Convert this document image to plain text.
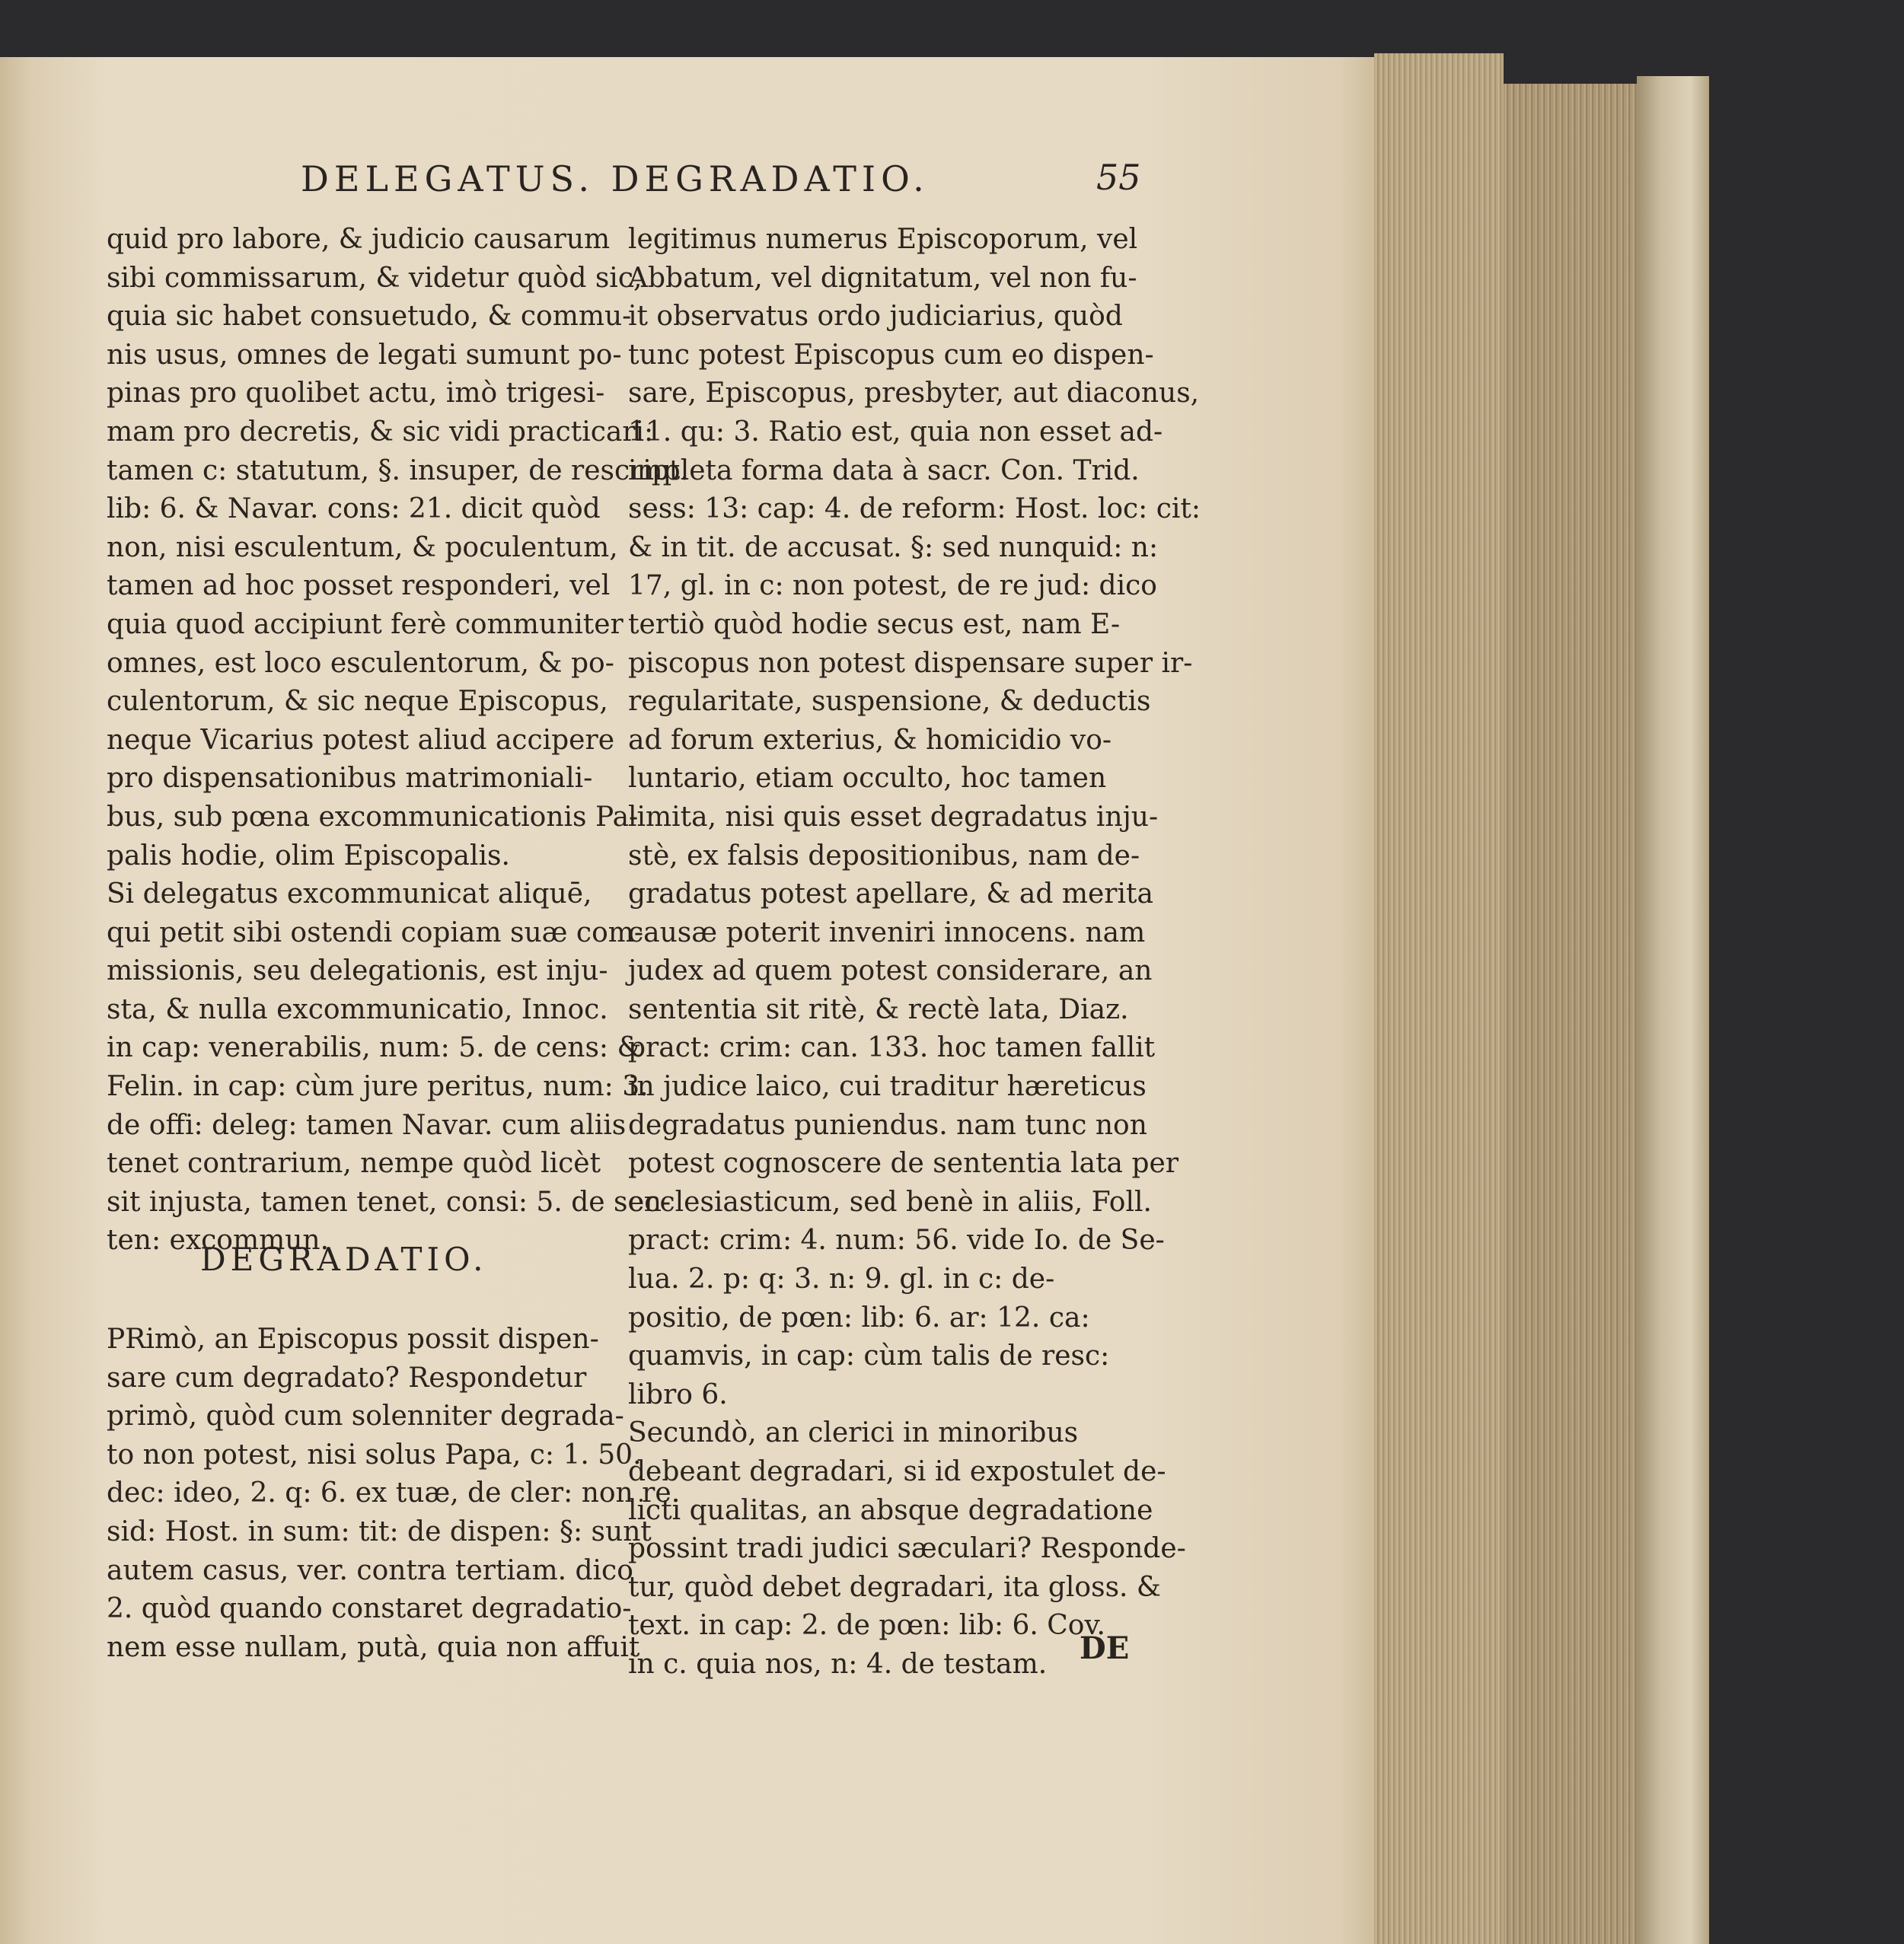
DELEGATUS. DEGRADATIO.	55
quid pro labore, & judicio causarum
sibi commissarum, & videtur quòd sic,
quia sic habet consuetudo, & commu-
nis usus, omnes de legati sumunt po-
pinas pro quolibet actu, imò trigesi-
mam pro decretis, & sic vidi practicari:
tamen c: statutum, §. insuper, de rescript.
lib: 6. & Navar. cons: 21. dicit quòd
non, nisi esculentum, & poculentum,
tamen ad hoc posset responderi, vel
quia quod accipiunt ferè communiter
omnes, est loco esculentorum, & po-
culentorum, & sic neque Episcopus,
neque Vicarius potest aliud accipere
pro dispensationibus matrimoniali-
bus, sub pœna excommunicationis Pa-
palis hodie, olim Episcopalis.
Si delegatus excommunicat aliquē,
qui petit sibi ostendi copiam suæ com-
missionis, seu delegationis, est inju-
sta, & nulla excommunicatio, Innoc.
in cap: venerabilis, num: 5. de cens: &
Felin. in cap: cùm jure peritus, num: 3.
de offi: deleg: tamen Navar. cum aliis
tenet contrarium, nempe quòd licèt
sit injusta, tamen tenet, consi: 5. de sen-
ten: excommun.
DEGRADATIO.
PRimò, an Episcopus possit dispen-
sare cum degradato? Respondetur
primò, quòd cum solenniter degrada-
to non potest, nisi solus Papa, c: 1. 50.
dec: ideo, 2. q: 6. ex tuæ, de cler: non re.
sid: Host. in sum: tit: de dispen: §: sunt
autem casus, ver. contra tertiam. dico
2. quòd quando constaret degradatio-
nem esse nullam, putà, quia non affuit
legitimus numerus Episcoporum, vel
Abbatum, vel dignitatum, vel non fu-
it observatus ordo judiciarius, quòd
tunc potest Episcopus cum eo dispen-
sare, Episcopus, presbyter, aut diaconus,
11. qu: 3. Ratio est, quia non esset ad-
impleta forma data à sacr. Con. Trid.
sess: 13: cap: 4. de reform: Host. loc: cit:
& in tit. de accusat. §: sed nunquid: n:
17, gl. in c: non potest, de re jud: dico
tertiò quòd hodie secus est, nam E-
piscopus non potest dispensare super ir-
regularitate, suspensione, & deductis
ad forum exterius, & homicidio vo-
luntario, etiam occulto, hoc tamen
limita, nisi quis esset degradatus inju-
stè, ex falsis depositionibus, nam de-
gradatus potest apellare, & ad merita
causæ poterit inveniri innocens. nam
judex ad quem potest considerare, an
sententia sit ritè, & rectè lata, Diaz.
pract: crim: can. 133. hoc tamen fallit
in judice laico, cui traditur hæreticus
degradatus puniendus. nam tunc non
potest cognoscere de sententia lata per
ecclesiasticum, sed benè in aliis, Foll.
pract: crim: 4. num: 56. vide Io. de Se-
lua. 2. p: q: 3. n: 9. gl. in c: de-
positio, de pœn: lib: 6. ar: 12. ca:
quamvis, in cap: cùm talis de resc:
libro 6.
Secundò, an clerici in minoribus
debeant degradari, si id expostulet de-
licti qualitas, an absque degradatione
possint tradi judici sæculari? Responde-
tur, quòd debet degradari, ita gloss. &
text. in cap: 2. de pœn: lib: 6. Cov.
in c. quia nos, n: 4. de testam.	DE
